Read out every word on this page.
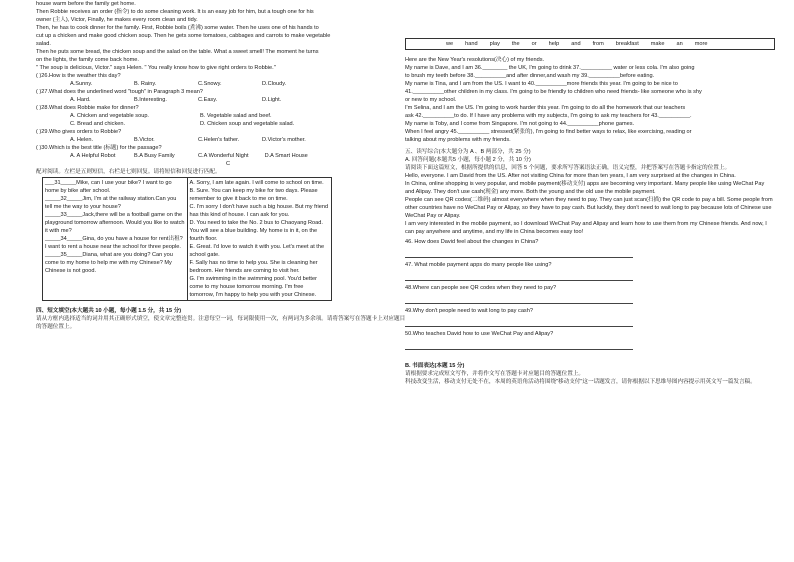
house warm before the family get home.

Then Robbie receives an order (指令) to do some cleaning work. It is an easy job for him, but a tough one for his

owner (主人), Victor, Finally, he makes every room clean and tidy.

Then, he has to cook dinner for the family. First, Robbie boils (煮沸) some water. Then he uses one of his hands to

cut up a chicken and make good chicken soup. Then he gets some tomatoes, cabbages and carrots to make vegetable

salad.

Then he puts some bread, the chicken soup and the salad on the table. What a sweet smell! The moment he turns

on the lights, the family come back home.

" The soup is delicious, Victor." says Helen. " You really know how to give right orders to Robbie."

( )26.How is the weather this day?

A.Sunny.	B. Rainy.	C.Snowy.	D.Cloudy.

( )27.What does the underlined word "tough" in Paragraph 3 mean?

A. Hard.	B.Interesting.	C.Easy.	D.Light.

( )28.What does Robbie make for dinner?

A. Chicken and vegetable soup.	B. Vegetable salad and beef.
C. Bread and chicken.	D. Chicken soup and vegetable salad.

( )29.Who gives orders to Robbie?

A. Helen.	B.Victor.	C.Helen's father.	D.Victor's mother.

( )30.Which is the best title (标题) for the passage?

A. A Helpful Robot	B.A Busy Family	C.A Wonderful Night	D.A Smart House

C

配对阅读。左栏是五则短信，右栏是七则回复。请将短信和回复进行匹配。

___31_____Mike, can I use your bike? I want to go home by bike after school.

_____32_____Jim, I'm at the railway station.Can you tell me the way to your house?

_____33_____Jack,there will be a football game on the playground tomorrow afternoon. Would you like to watch it with me?

_____34_____Gina, do you have a house for rent出租? I want to rent a house near the school for three people.

_____35_____Diana, what are you doing? Can you come to my home to help me with my Chinese? My Chinese is not good.

A. Sorry, I am late again. I will come to school on time.

B. Sure. You can keep my bike for two days. Please remember to give it back to me on time.

C. I'm sorry I don't have such a big house. But my friend has this kind of house. I can ask for you.

D. You need to take the No. 2 bus to Chaoyang Road. You will see a blue building. My home is in it, on the fourth floor.

E. Great. I'd love to watch it with you. Let's meet at the school gate.

F. Sally has no time to help you. She is cleaning her bedroom. Her friends are coming to visit her.

G. I'm swimming in the swimming pool. You'd better come to my house tomorrow morning. I'm free tomorrow, I'm happy to help you with your Chinese.

四、短文填空(本大题共 10 小题，每小题 1.5 分，共 15 分)

请从方框内选择适当的词并用其正确形式填空，使文章完整连贯。注意每空一词，每词限使用一次，有两词为多余项。请将答案写在答题卡上对应题目的答题位置上。

we hand play the or help and from breakfast make an more

Here are the New Year's resolutions(决心) of my friends.

My name is Dave, and I am 36.________ the UK, I'm going to drink 37.__________ water or less cola. I'm also going

to brush my teeth before 38.__________and after dinner,and wash my 39.__________before eating.

My name is Tina, and I am from the US. I want to 40.__________more friends this year. I'm going to be nice to

41.__________other children in my class. I'm going to be friendly to children who need friends- like someone who is shy

or new to my school.

I'm Selina, and I am the US. I'm going to work harder this year. I'm going to do all the homework that our teachers

ask 42.__________to do. If I have any problems with my subjects, I'm going to ask my teachers for 43.__________.

My name is Toby, and I come from Singapore. I'm not going to 44.__________phone games.

When I feel angry 45.__________ stressed(紧张的), I'm going to find better ways to relax, like exercising, reading or

talking about my problems with my friends.

五、读写综合(本大题分为 A 、B 两部分，共 25 分)

A. 回答问题(本题共5 小题，每小题 2 分，共 10 分)

请阅读下面这篇短文，根据所提供的信息，回答 5 个问题，要求所写答案语法正确，语义完整，并把答案写在答题卡指定的位置上。

Hello, everyone. I am David from the US. After not visiting China for more than ten years, I am very surprised at the changes in China.

In China, online shopping is very popular, and mobile payment(移动支付) apps are becoming very important. Many people like using WeChat Pay and Alipay. They don't use cash(现金) any more. Both the young and the old use the mobile payment.

People can see QR codes(二维码) almost everywhere when they need to pay. They can just scan(扫描) the QR code to pay a bill. Some people from other countries have no WeChat Pay or Alipay, so they have to pay cash. But luckily, they don't need to wait long to pay because lots of Chinese use WeChat Pay or Alipay.

I am very interested in the mobile payment, so I download WeChat Pay and Alipay and learn how to use them from my Chinese friends. And now, I can pay anywhere and anytime, and my life in China becomes easy too!

46. How does David feel about the changes in China?

47. What mobile payment apps do many people like using?

48.Where can people see QR codes when they need to pay?

49.Why don't people need to wait long to pay cash?

50.Who teaches David how to use WeChat Pay and Alipay?

B. 书面表达(本题 15 分)

请根据要求完成短文写作，并将作文写在答题卡对应题目的答题位置上。

科技改变生活，移动支付无处不在，本周的英语角活动将围绕"移动支付"这一话题发言，请你根据以下思维导图内容提示用英文写一篇发言稿。
